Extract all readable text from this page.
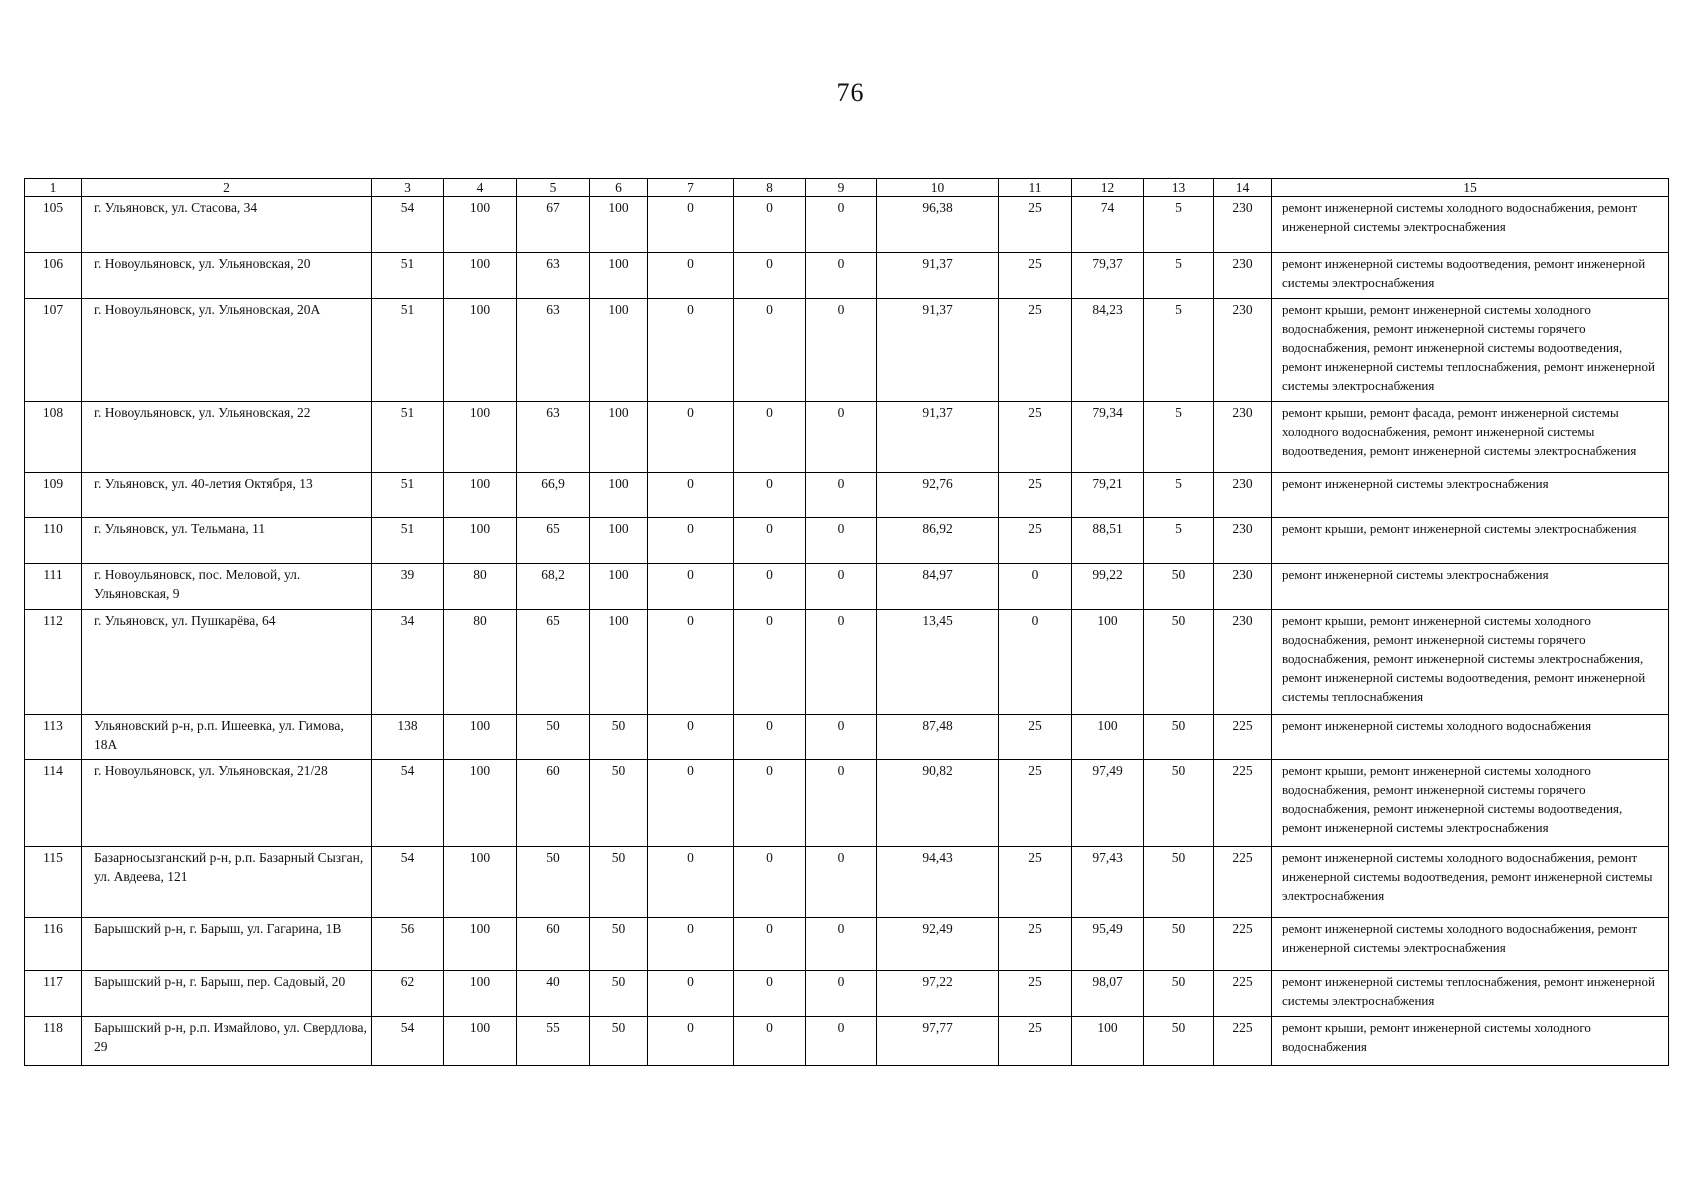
76
1	2	3	4	5	6	7	8	9	10	11	12	13	14	15
105	г. Ульяновск, ул. Стасова, 34	54	100	67	100	0	0	0	96,38	25	74	5	230	ремонт инженерной системы холодного водоснабжения, ремонт инженерной системы электроснабжения
106	г. Новоульяновск, ул. Ульяновская, 20	51	100	63	100	0	0	0	91,37	25	79,37	5	230	ремонт инженерной системы водоотведения, ремонт инженерной системы электроснабжения
107	г. Новоульяновск, ул. Ульяновская, 20А	51	100	63	100	0	0	0	91,37	25	84,23	5	230	ремонт крыши, ремонт инженерной системы холодного водоснабжения, ремонт инженерной системы горячего водоснабжения, ремонт инженерной системы водоотведения, ремонт инженерной системы теплоснабжения, ремонт инженерной системы электроснабжения
108	г. Новоульяновск, ул. Ульяновская, 22	51	100	63	100	0	0	0	91,37	25	79,34	5	230	ремонт крыши, ремонт фасада, ремонт инженерной системы холодного водоснабжения, ремонт инженерной системы водоотведения, ремонт инженерной системы электроснабжения
109	г. Ульяновск, ул. 40-летия Октября, 13	51	100	66,9	100	0	0	0	92,76	25	79,21	5	230	ремонт инженерной системы электроснабжения
110	г. Ульяновск, ул. Тельмана, 11	51	100	65	100	0	0	0	86,92	25	88,51	5	230	ремонт крыши, ремонт инженерной системы электроснабжения
111	г. Новоульяновск, пос. Меловой, ул. Ульяновская, 9	39	80	68,2	100	0	0	0	84,97	0	99,22	50	230	ремонт инженерной системы электроснабжения
112	г. Ульяновск, ул. Пушкарёва, 64	34	80	65	100	0	0	0	13,45	0	100	50	230	ремонт крыши, ремонт инженерной системы холодного водоснабжения, ремонт инженерной системы горячего водоснабжения, ремонт инженерной системы электроснабжения, ремонт инженерной системы водоотведения, ремонт инженерной системы теплоснабжения
113	Ульяновский р-н, р.п. Ишеевка, ул. Гимова, 18А	138	100	50	50	0	0	0	87,48	25	100	50	225	ремонт инженерной системы холодного водоснабжения
114	г. Новоульяновск, ул. Ульяновская, 21/28	54	100	60	50	0	0	0	90,82	25	97,49	50	225	ремонт крыши, ремонт инженерной системы холодного водоснабжения, ремонт инженерной системы горячего водоснабжения, ремонт инженерной системы водоотведения, ремонт инженерной системы электроснабжения
115	Базарносызганский р-н, р.п. Базарный Сызган, ул. Авдеева, 121	54	100	50	50	0	0	0	94,43	25	97,43	50	225	ремонт инженерной системы холодного водоснабжения, ремонт инженерной системы водоотведения, ремонт инженерной системы электроснабжения
116	Барышский р-н, г. Барыш, ул. Гагарина, 1В	56	100	60	50	0	0	0	92,49	25	95,49	50	225	ремонт инженерной системы холодного водоснабжения, ремонт инженерной системы электроснабжения
117	Барышский р-н, г. Барыш, пер. Садовый, 20	62	100	40	50	0	0	0	97,22	25	98,07	50	225	ремонт инженерной системы теплоснабжения, ремонт инженерной системы электроснабжения
118	Барышский р-н, р.п. Измайлово, ул. Свердлова, 29	54	100	55	50	0	0	0	97,77	25	100	50	225	ремонт крыши, ремонт инженерной системы холодного водоснабжения
